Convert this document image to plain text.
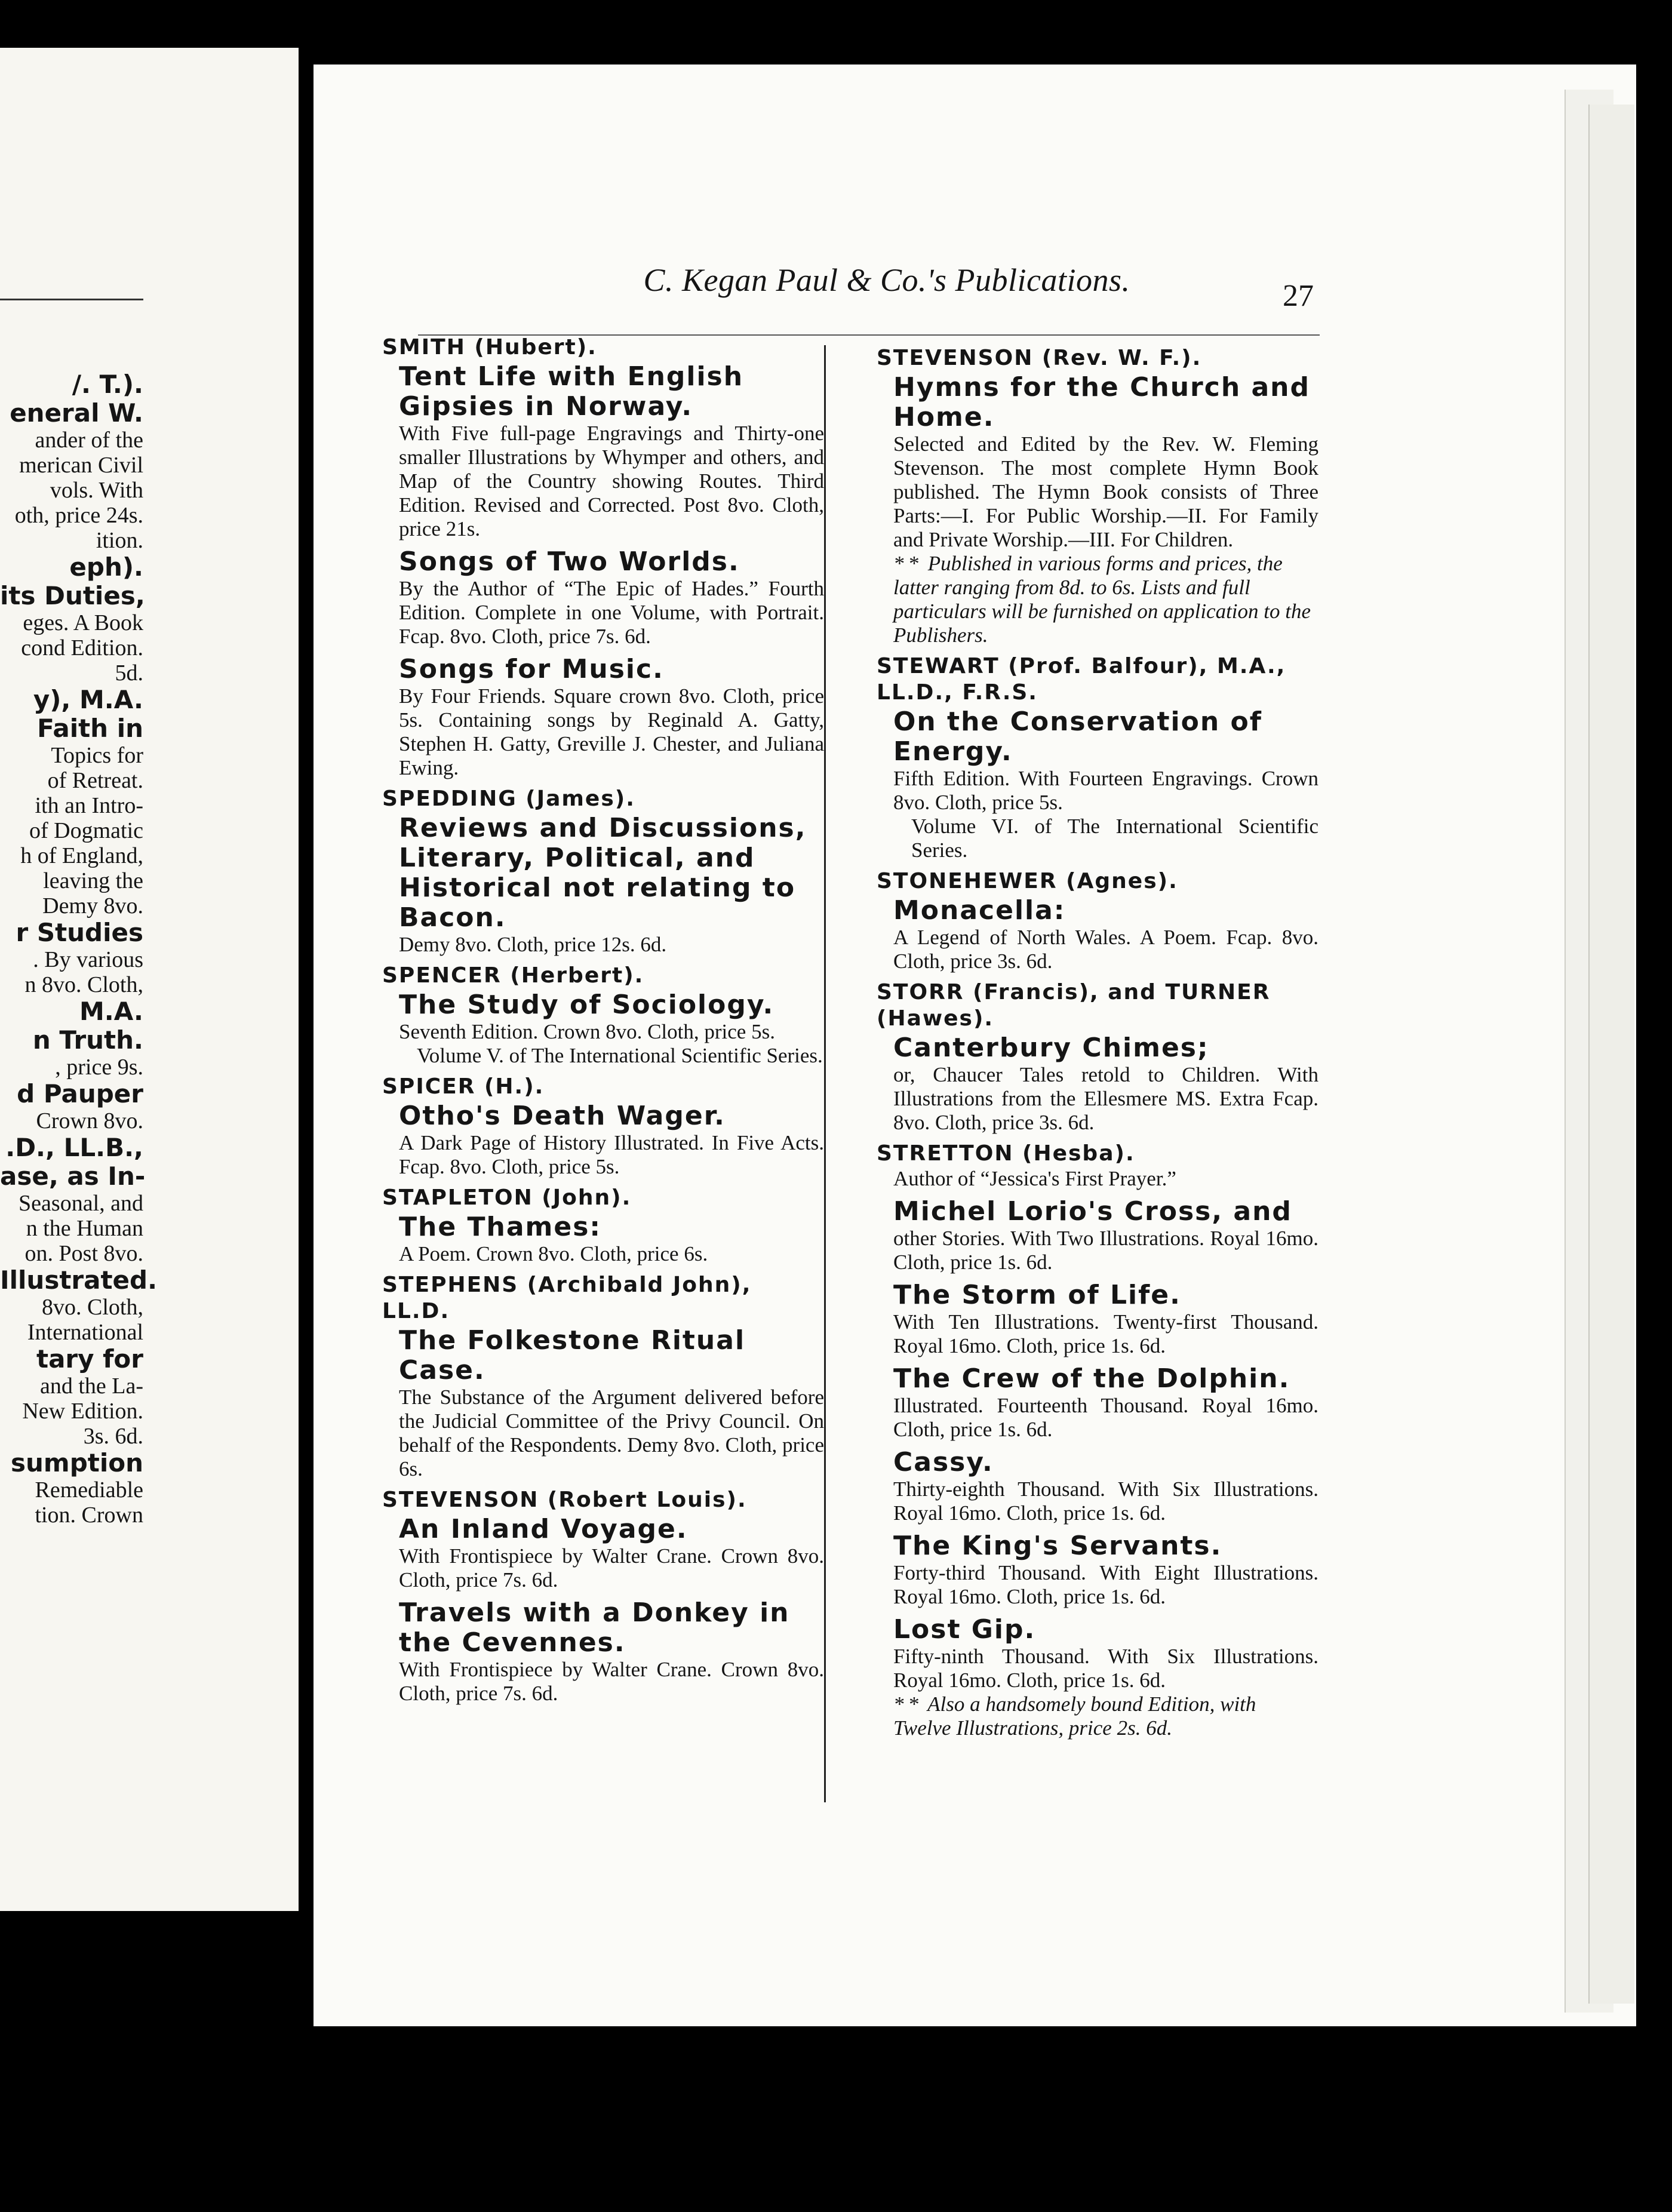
/. T.).
eneral W.
ander of the
merican Civil
vols. With
oth, price 24s.
ition.
eph).
its Duties,
eges. A Book
cond Edition.
5d.
y), M.A.
Faith in
Topics for
of Retreat.
ith an Intro-
of Dogmatic
h of England,
leaving the
Demy 8vo.
r Studies
. By various
n 8vo. Cloth,
M.A.
n Truth.
, price 9s.
d Pauper
Crown 8vo.
.D., LL.B.,
ase, as In-
Seasonal, and
n the Human
on. Post 8vo.
Illustrated.
8vo. Cloth,
International
tary for
and the La-
New Edition.
3s. 6d.
sumption
Remediable
tion. Crown
C. Kegan Paul & Co.'s Publications.	27

SMITH (Hubert).

Tent Life with English Gipsies in Norway.

With Five full-page Engravings and Thirty-one smaller Illustrations by Whymper and others, and Map of the Country showing Routes. Third Edition. Revised and Corrected. Post 8vo. Cloth, price 21s.

Songs of Two Worlds.

By the Author of “The Epic of Hades.” Fourth Edition. Complete in one Volume, with Portrait. Fcap. 8vo. Cloth, price 7s. 6d.

Songs for Music.

By Four Friends. Square crown 8vo. Cloth, price 5s. Containing songs by Reginald A. Gatty, Stephen H. Gatty, Greville J. Chester, and Juliana Ewing.

SPEDDING (James).

Reviews and Discussions, Literary, Political, and Historical not relating to Bacon.

Demy 8vo. Cloth, price 12s. 6d.

SPENCER (Herbert).

The Study of Sociology.

Seventh Edition. Crown 8vo. Cloth, price 5s.

Volume V. of The International Scientific Series.

SPICER (H.).

Otho's Death Wager.

A Dark Page of History Illustrated. In Five Acts. Fcap. 8vo. Cloth, price 5s.

STAPLETON (John).

The Thames:

A Poem. Crown 8vo. Cloth, price 6s.

STEPHENS (Archibald John), LL.D.

The Folkestone Ritual Case.

The Substance of the Argument delivered before the Judicial Committee of the Privy Council. On behalf of the Respondents. Demy 8vo. Cloth, price 6s.

STEVENSON (Robert Louis).

An Inland Voyage.

With Frontispiece by Walter Crane. Crown 8vo. Cloth, price 7s. 6d.

Travels with a Donkey in the Cevennes.

With Frontispiece by Walter Crane. Crown 8vo. Cloth, price 7s. 6d.

STEVENSON (Rev. W. F.).

Hymns for the Church and Home.

Selected and Edited by the Rev. W. Fleming Stevenson. The most complete Hymn Book published. The Hymn Book consists of Three Parts:—I. For Public Worship.—II. For Family and Private Worship.—III. For Children.

* *  Published in various forms and prices, the latter ranging from 8d. to 6s. Lists and full particulars will be furnished on application to the Publishers.

STEWART (Prof. Balfour), M.A., LL.D., F.R.S.

On the Conservation of Energy.

Fifth Edition. With Fourteen Engravings. Crown 8vo. Cloth, price 5s.

Volume VI. of The International Scientific Series.

STONEHEWER (Agnes).

Monacella:

A Legend of North Wales. A Poem. Fcap. 8vo. Cloth, price 3s. 6d.

STORR (Francis), and TURNER (Hawes).

Canterbury Chimes;

or, Chaucer Tales retold to Children. With Illustrations from the Ellesmere MS. Extra Fcap. 8vo. Cloth, price 3s. 6d.

STRETTON (Hesba).

Author of “Jessica's First Prayer.”

Michel Lorio's Cross, and

other Stories. With Two Illustrations. Royal 16mo. Cloth, price 1s. 6d.

The Storm of Life.

With Ten Illustrations. Twenty-first Thousand. Royal 16mo. Cloth, price 1s. 6d.

The Crew of the Dolphin.

Illustrated. Fourteenth Thousand. Royal 16mo. Cloth, price 1s. 6d.

Cassy.

Thirty-eighth Thousand. With Six Illustrations. Royal 16mo. Cloth, price 1s. 6d.

The King's Servants.

Forty-third Thousand. With Eight Illustrations. Royal 16mo. Cloth, price 1s. 6d.

Lost Gip.

Fifty-ninth Thousand. With Six Illustrations. Royal 16mo. Cloth, price 1s. 6d.

* *  Also a handsomely bound Edition, with Twelve Illustrations, price 2s. 6d.
